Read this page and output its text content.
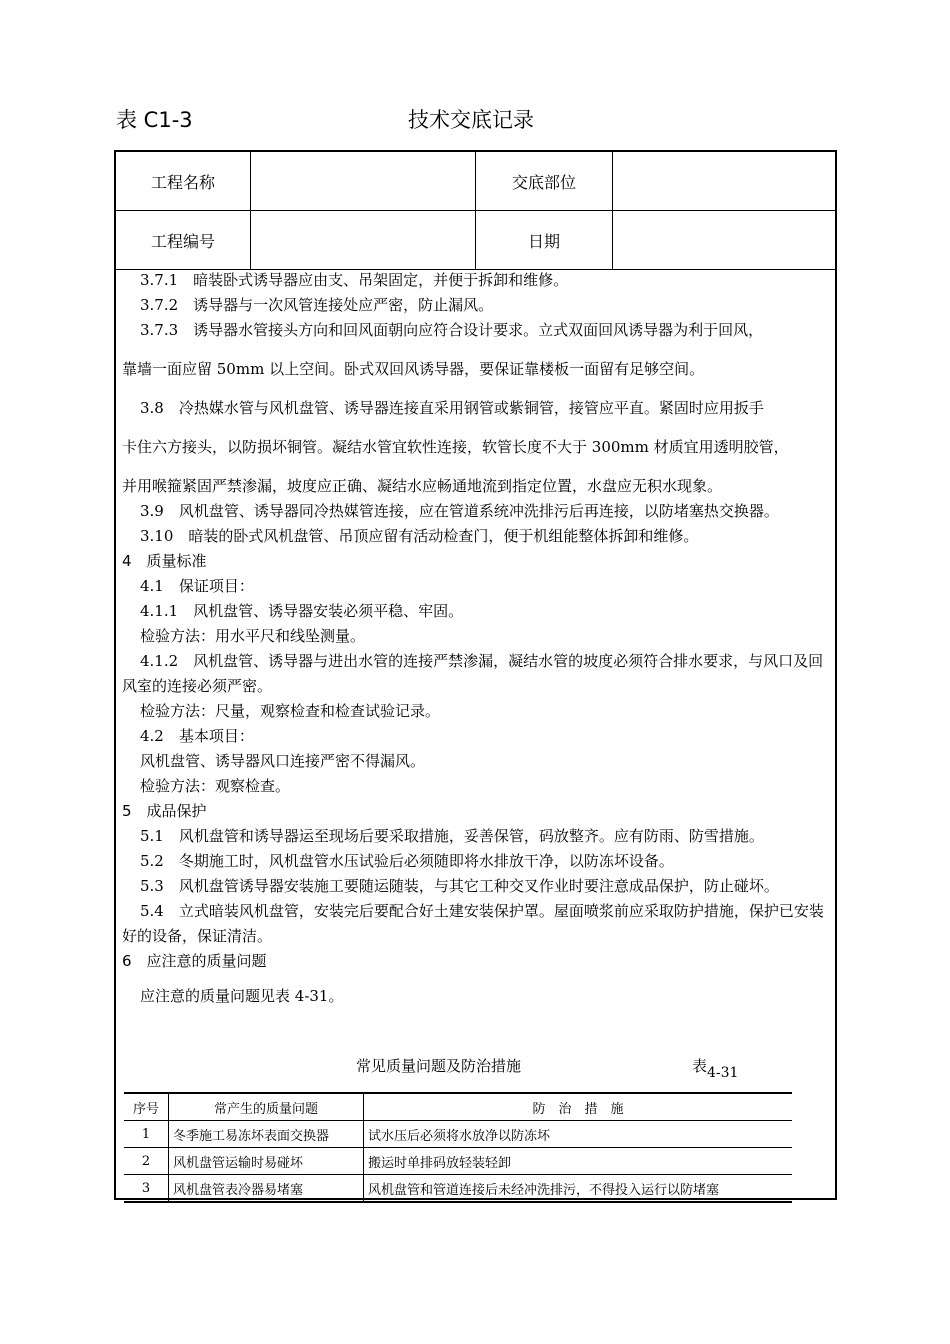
表 C1-3	技术交底记录
工程名称		交底部位	
工程编号		日期	

3.7.1　暗装卧式诱导器应由支、吊架固定，并便于拆卸和维修。

3.7.2　诱导器与一次风管连接处应严密，防止漏风。

3.7.3　诱导器水管接头方向和回风面朝向应符合设计要求。立式双面回风诱导器为利于回风，

靠墙一面应留 50mm 以上空间。卧式双回风诱导器，要保证靠楼板一面留有足够空间。

3.8　冷热媒水管与风机盘管、诱导器连接直采用钢管或紫铜管，接管应平直。紧固时应用扳手

卡住六方接头，以防损坏铜管。凝结水管宜软性连接，软管长度不大于 300mm 材质宜用透明胶管，

并用喉箍紧固严禁渗漏，坡度应正确、凝结水应畅通地流到指定位置，水盘应无积水现象。

3.9　风机盘管、诱导器同冷热媒管连接，应在管道系统冲洗排污后再连接，以防堵塞热交换器。

3.10　暗装的卧式风机盘管、吊顶应留有活动检查门，便于机组能整体拆卸和维修。

4　质量标准

4.1　保证项目：

4.1.1　风机盘管、诱导器安装必须平稳、牢固。

检验方法：用水平尺和线坠测量。

4.1.2　风机盘管、诱导器与进出水管的连接严禁渗漏，凝结水管的坡度必须符合排水要求，与风口及回风室的连接必须严密。

检验方法：尺量，观察检查和检查试验记录。

4.2　基本项目：

风机盘管、诱导器风口连接严密不得漏风。

检验方法：观察检查。

5　成品保护

5.1　风机盘管和诱导器运至现场后要采取措施，妥善保管，码放整齐。应有防雨、防雪措施。

5.2　冬期施工时，风机盘管水压试验后必须随即将水排放干净，以防冻坏设备。

5.3　风机盘管诱导器安装施工要随运随装，与其它工种交叉作业时要注意成品保护，防止碰坏。

5.4　立式暗装风机盘管，安装完后要配合好土建安装保护罩。屋面喷浆前应采取防护措施，保护已安装好的设备，保证清洁。

6　应注意的质量问题

应注意的质量问题见表 4-31。

常见质量问题及防治措施	表4-31
序号	常产生的质量问题	防　治　措　施
1	冬季施工易冻坏表面交换器	试水压后必须将水放净以防冻坏
2	风机盘管运输时易碰坏	搬运时单排码放轻装轻卸
3	风机盘管表冷器易堵塞	风机盘管和管道连接后未经冲洗排污，不得投入运行以防堵塞
